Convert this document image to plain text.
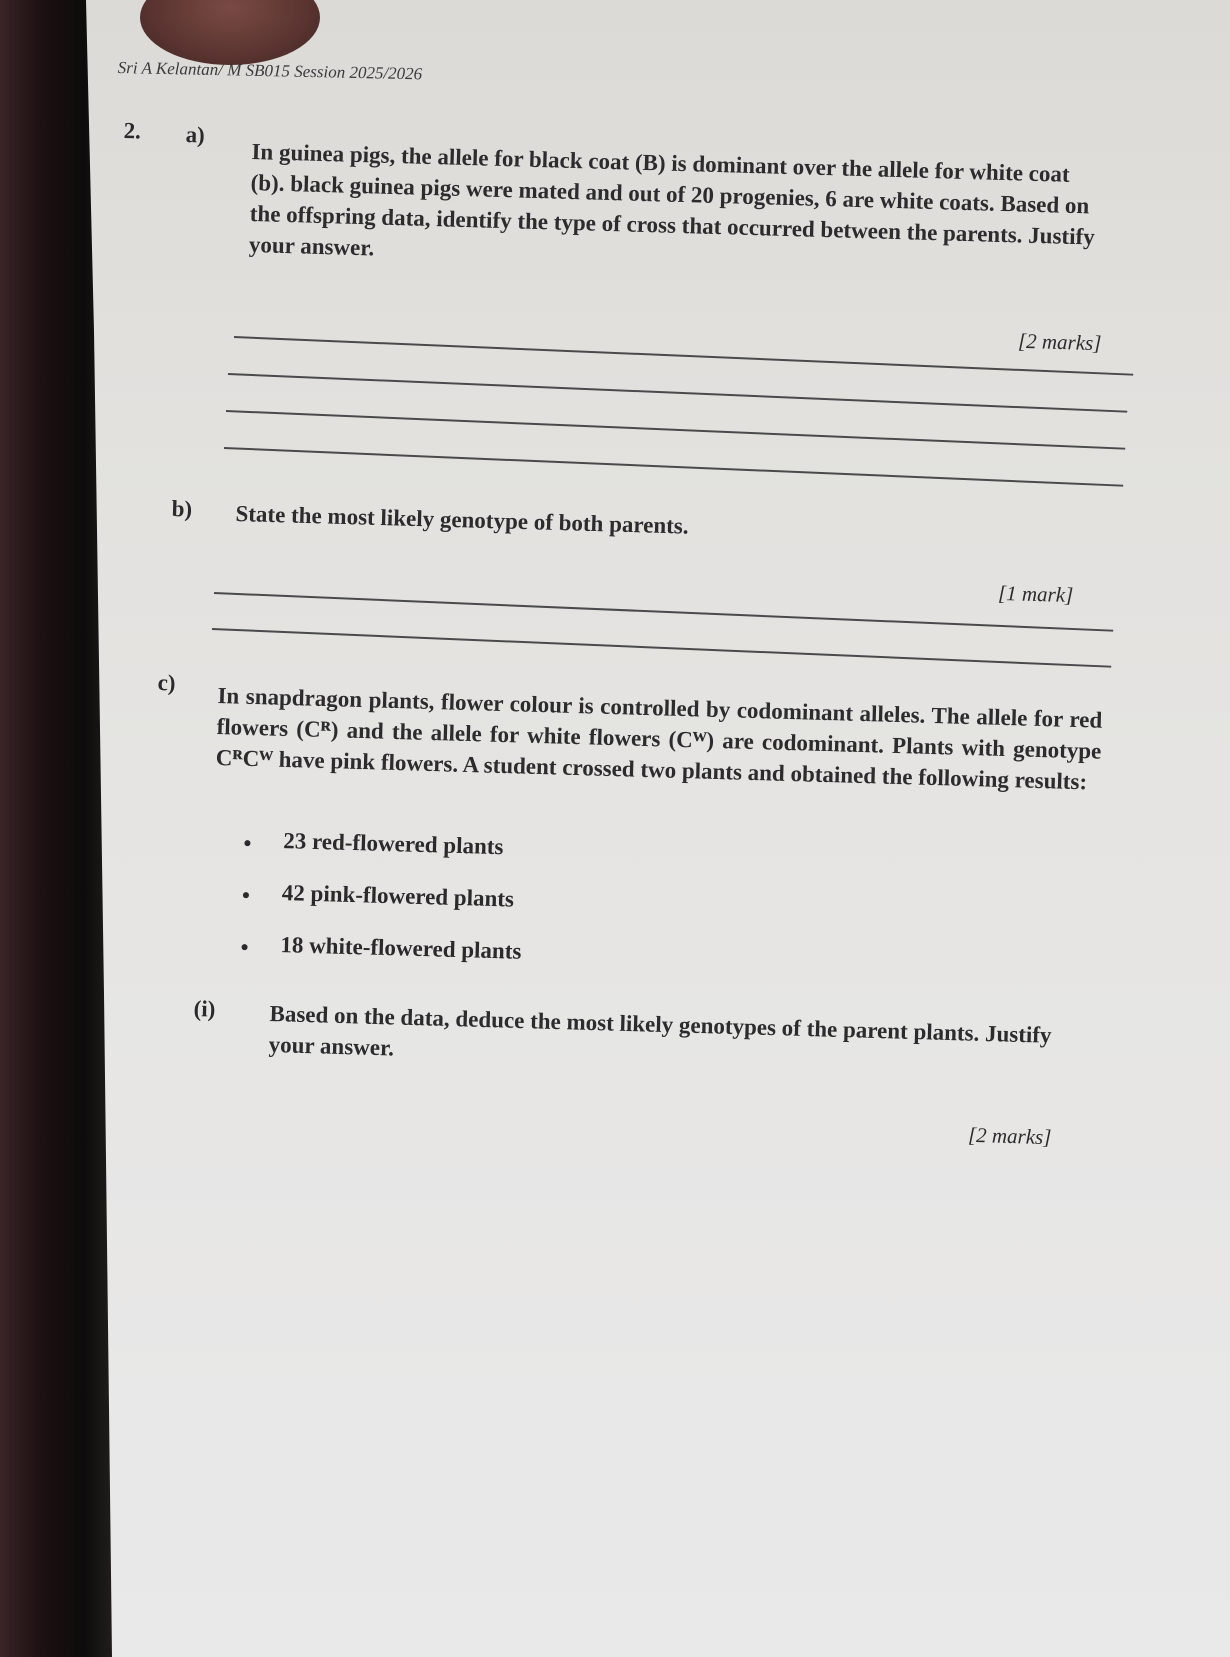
Sri A Kelantan/ M SB015 Session 2025/2026
2. a)
In guinea pigs, the allele for black coat (B) is dominant over the allele for white coat (b). black guinea pigs were mated and out of 20 progenies, 6 are white coats. Based on the offspring data, identify the type of cross that occurred between the parents. Justify your answer.
[2 marks]
b) State the most likely genotype of both parents.
[1 mark]
c)
In snapdragon plants, flower colour is controlled by codominant alleles. The allele for red flowers (Cᴿ) and the allele for white flowers (Cᵂ) are codominant. Plants with genotype CᴿCᵂ have pink flowers. A student crossed two plants and obtained the following results:
● 23 red-flowered plants
● 42 pink-flowered plants
● 18 white-flowered plants
(i) Based on the data, deduce the most likely genotypes of the parent plants. Justify your answer.
[2 marks]
